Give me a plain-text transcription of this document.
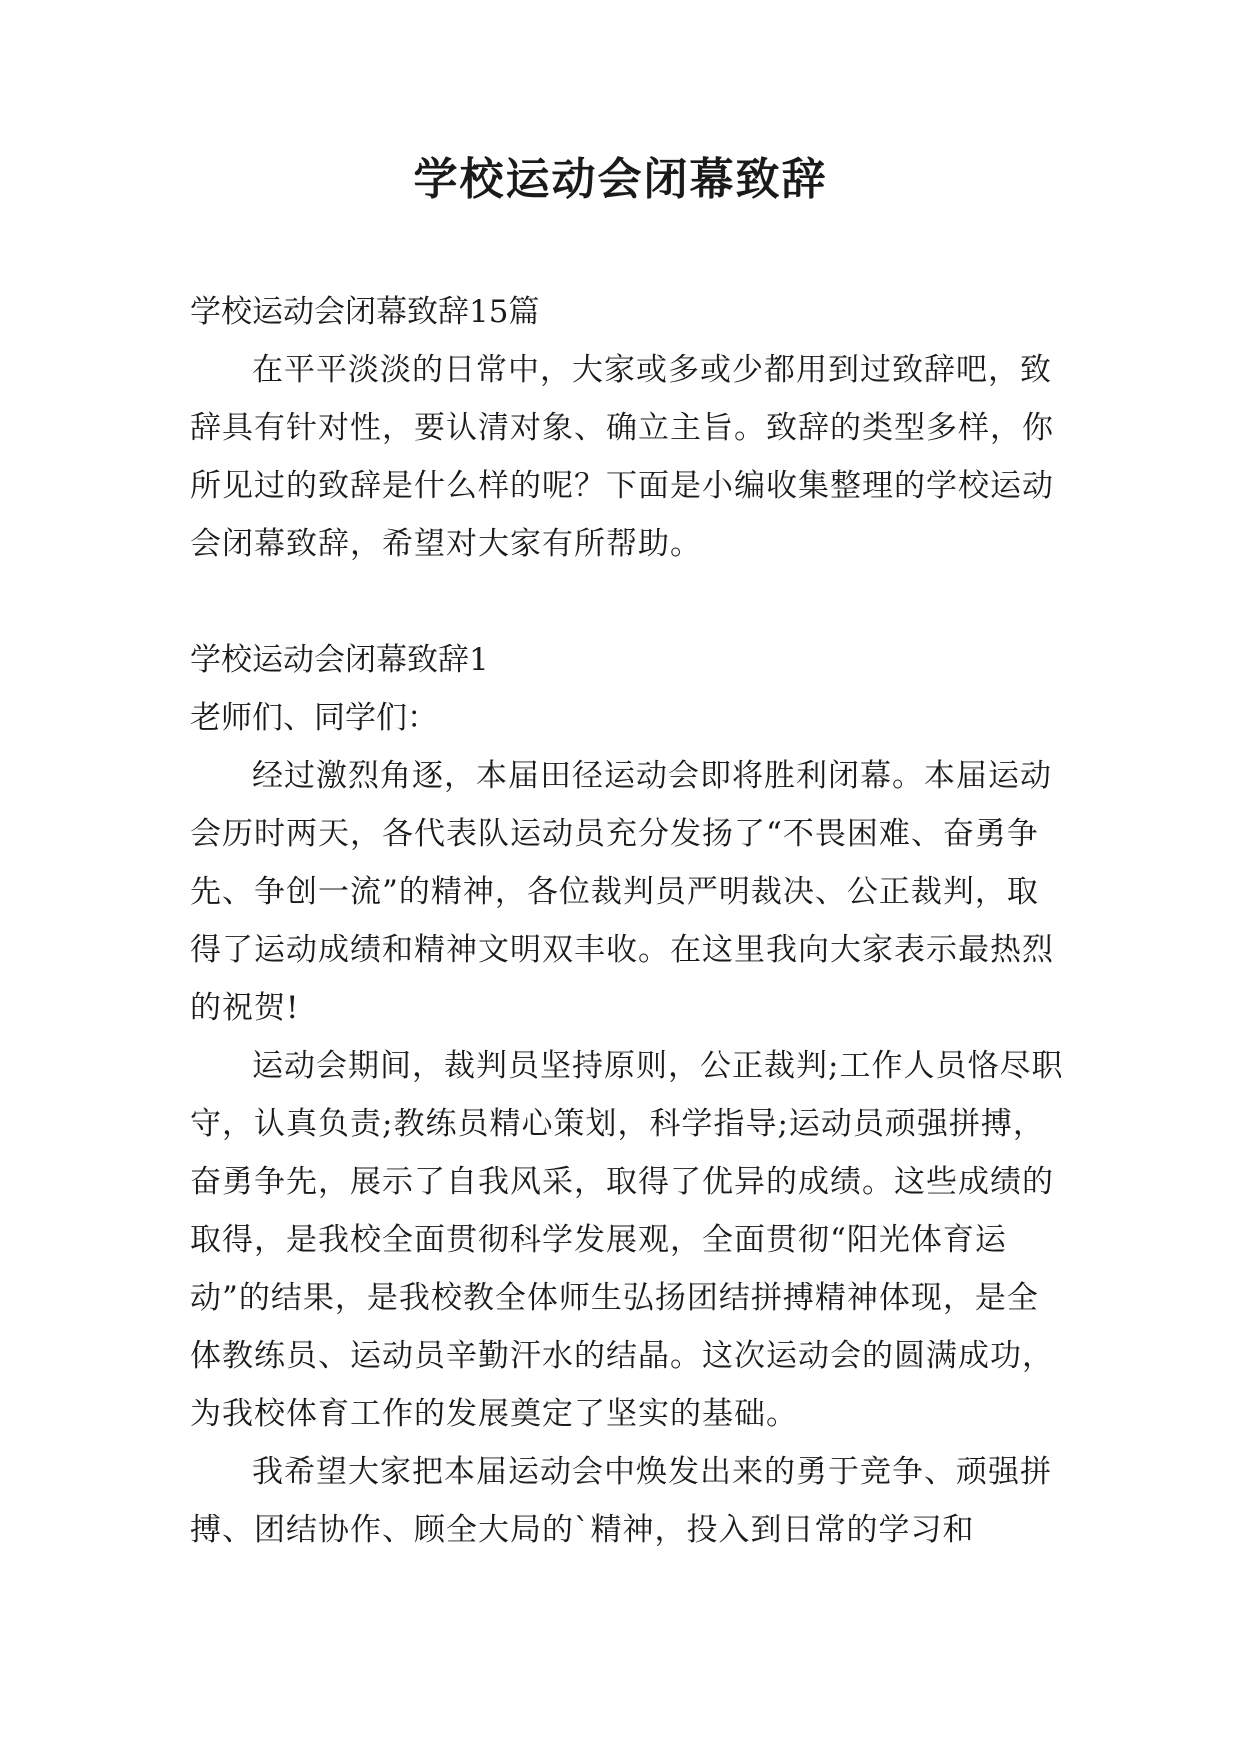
学校运动会闭幕致辞

学校运动会闭幕致辞15篇

在平平淡淡的日常中，大家或多或少都用到过致辞吧，致辞具有针对性，要认清对象、确立主旨。致辞的类型多样，你所见过的致辞是什么样的呢？下面是小编收集整理的学校运动会闭幕致辞，希望对大家有所帮助。

学校运动会闭幕致辞1

老师们、同学们：

经过激烈角逐，本届田径运动会即将胜利闭幕。本届运动会历时两天，各代表队运动员充分发扬了“不畏困难、奋勇争先、争创一流”的精神，各位裁判员严明裁决、公正裁判，取得了运动成绩和精神文明双丰收。在这里我向大家表示最热烈的祝贺!

运动会期间，裁判员坚持原则，公正裁判;工作人员恪尽职守，认真负责;教练员精心策划，科学指导;运动员顽强拼搏，奋勇争先，展示了自我风采，取得了优异的成绩。这些成绩的取得，是我校全面贯彻科学发展观，全面贯彻“阳光体育运动”的结果，是我校教全体师生弘扬团结拼搏精神体现，是全体教练员、运动员辛勤汗水的结晶。这次运动会的圆满成功，为我校体育工作的发展奠定了坚实的基础。

我希望大家把本届运动会中焕发出来的勇于竞争、顽强拼搏、团结协作、顾全大局的`精神，投入到日常的学习和
